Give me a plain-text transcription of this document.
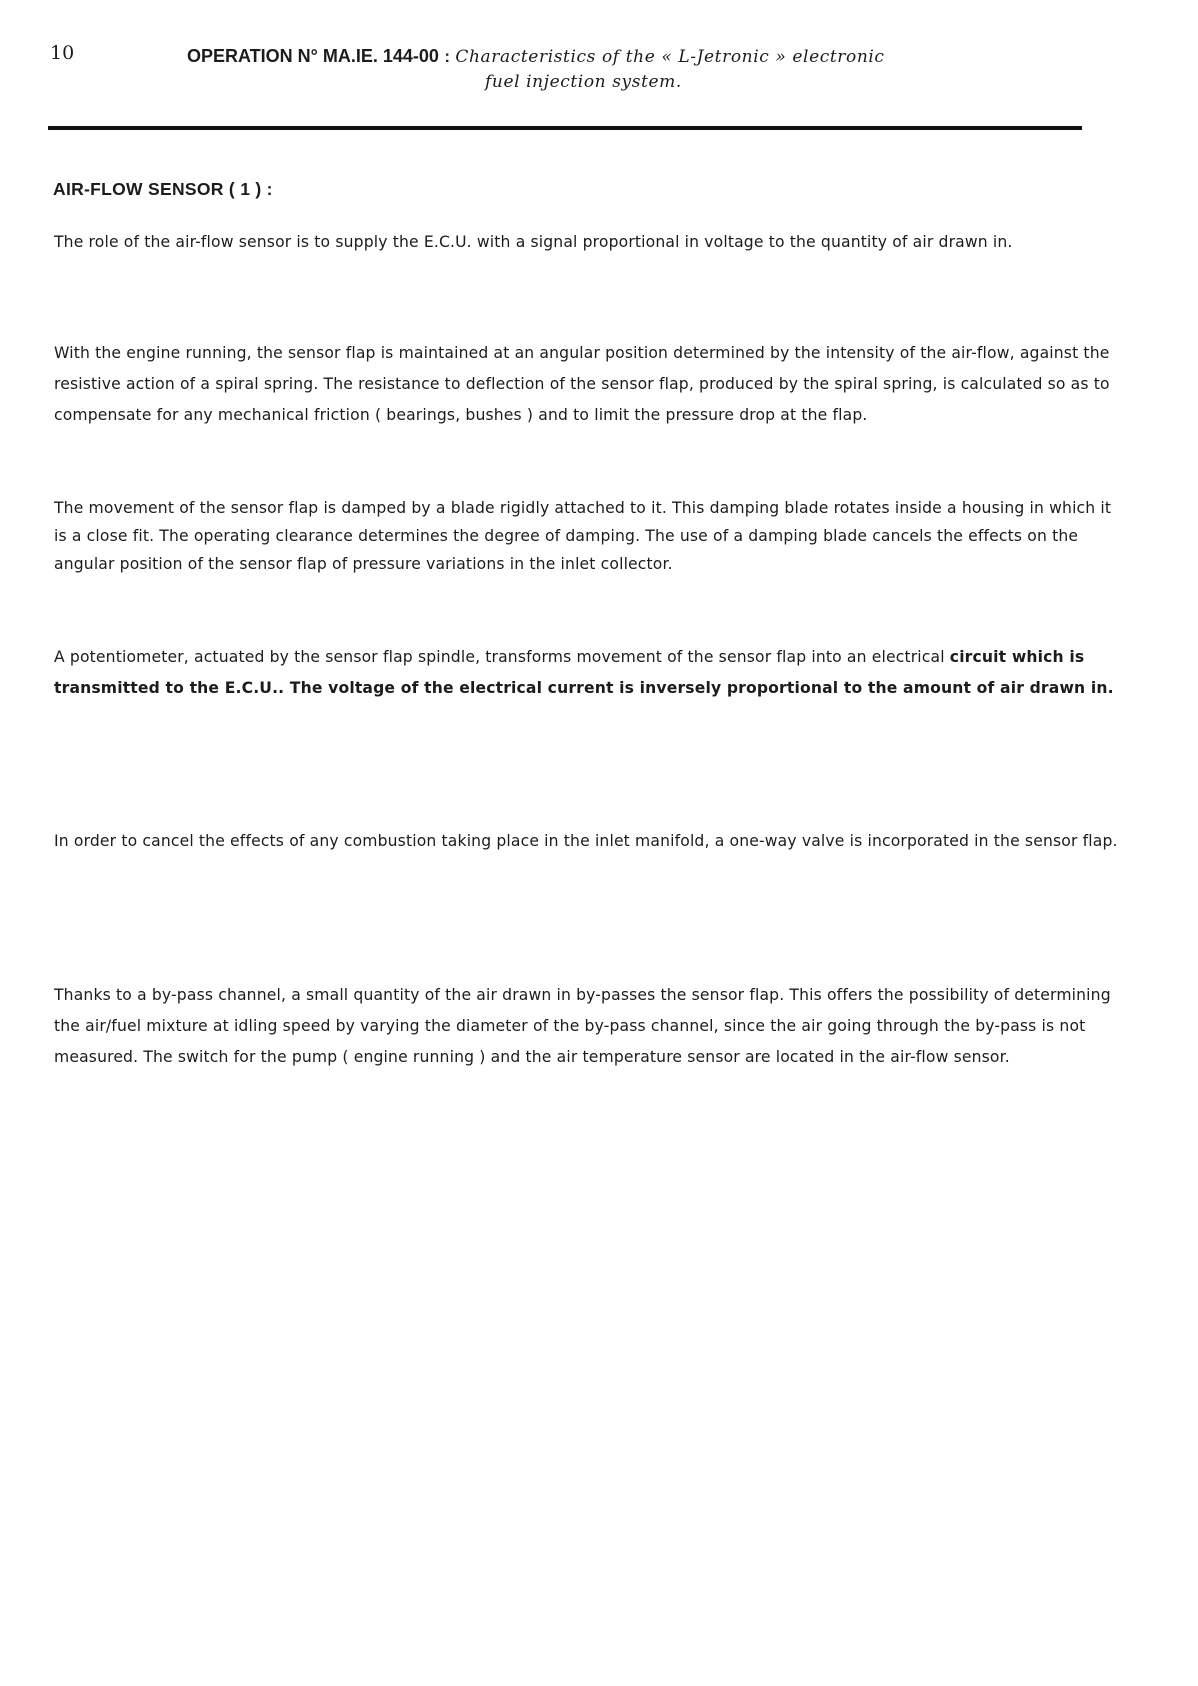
10	OPERATION N° MA.IE. 144-00 : Characteristics of the « L-Jetronic » electronic
fuel injection system.
AIR-FLOW SENSOR ( 1 ) :

The role of the air-flow sensor is to supply the E.C.U. with a signal proportional in voltage to the quantity of air drawn in.

With the engine running, the sensor flap is maintained at an angular position determined by the intensity of the air-flow, against the resistive action of a spiral spring. The resistance to deflection of the sensor flap, produced by the spiral spring, is calculated so as to compensate for any mechanical friction ( bearings, bushes ) and to limit the pressure drop at the flap.

The movement of the sensor flap is damped by a blade rigidly attached to it. This damping blade rotates inside a housing in which it is a close fit. The operating clearance determines the degree of damping. The use of a damping blade cancels the effects on the angular position of the sensor flap of pressure variations in the inlet collector.

A potentiometer, actuated by the sensor flap spindle, transforms movement of the sensor flap into an electrical circuit which is transmitted to the E.C.U.. The voltage of the electrical current is inversely proportional to the amount of air drawn in.

In order to cancel the effects of any combustion taking place in the inlet manifold, a one-way valve is incorporated in the sensor flap.

Thanks to a by-pass channel, a small quantity of the air drawn in by-passes the sensor flap. This offers the possibility of determining the air/fuel mixture at idling speed by varying the diameter of the by-pass channel, since the air going through the by-pass is not measured. The switch for the pump ( engine running ) and the air temperature sensor are located in the air-flow sensor.
